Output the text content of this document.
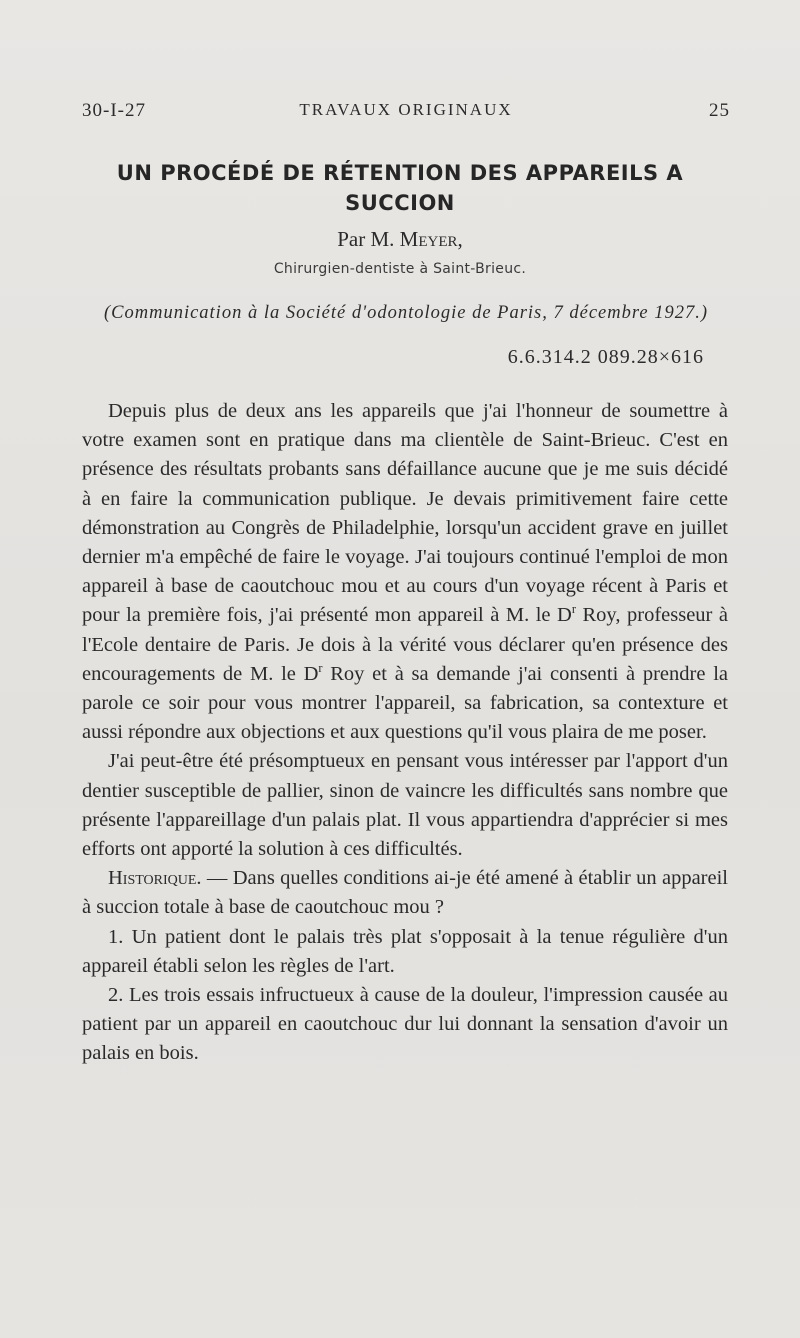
30-I-27	TRAVAUX ORIGINAUX	25
UN PROCÉDÉ DE RÉTENTION DES APPAREILS A SUCCION
Par M. Meyer,
Chirurgien-dentiste à Saint-Brieuc.
(Communication à la Société d'odontologie de Paris, 7 décembre 1927.)
6.6.314.2 089.28×616

Depuis plus de deux ans les appareils que j'ai l'honneur de soumettre à votre examen sont en pratique dans ma clientèle de Saint-Brieuc. C'est en présence des résultats probants sans défaillance aucune que je me suis décidé à en faire la communication publique. Je devais primitivement faire cette démonstration au Congrès de Philadelphie, lorsqu'un accident grave en juillet dernier m'a empêché de faire le voyage. J'ai toujours continué l'emploi de mon appareil à base de caoutchouc mou et au cours d'un voyage récent à Paris et pour la première fois, j'ai présenté mon appareil à M. le $D^r$ Roy, professeur à l'Ecole dentaire de Paris. Je dois à la vérité vous déclarer qu'en présence des encouragements de M. le $D^r$ Roy et à sa demande j'ai consenti à prendre la parole ce soir pour vous montrer l'appareil, sa fabrication, sa contexture et aussi répondre aux objections et aux questions qu'il vous plaira de me poser.

J'ai peut-être été présomptueux en pensant vous intéresser par l'apport d'un dentier susceptible de pallier, sinon de vaincre les difficultés sans nombre que présente l'appareillage d'un palais plat. Il vous appartiendra d'apprécier si mes efforts ont apporté la solution à ces difficultés.

Historique. — Dans quelles conditions ai-je été amené à établir un appareil à succion totale à base de caoutchouc mou ?

1. Un patient dont le palais très plat s'opposait à la tenue régulière d'un appareil établi selon les règles de l'art.

2. Les trois essais infructueux à cause de la douleur, l'impression causée au patient par un appareil en caoutchouc dur lui donnant la sensation d'avoir un palais en bois.
